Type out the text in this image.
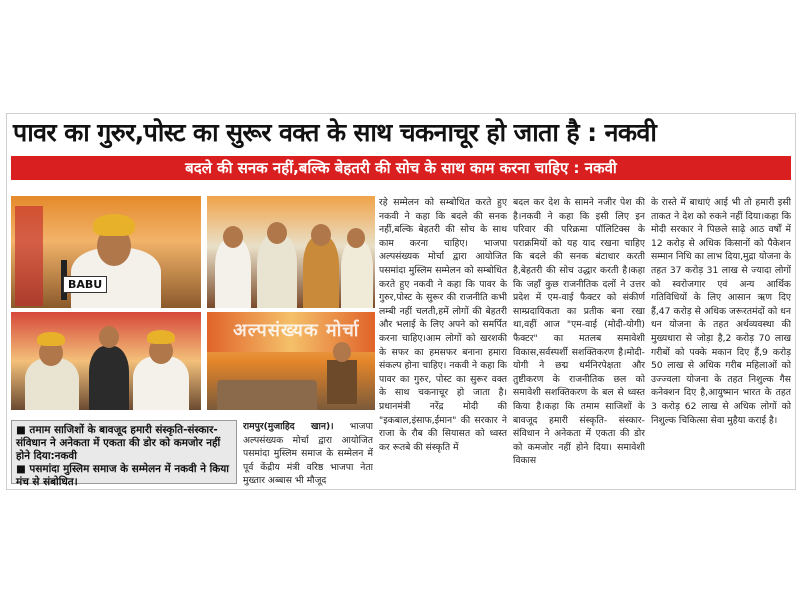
पावर का गुरुर,पोस्ट का सुरूर वक्त के साथ चकनाचूर हो जाता है : नकवी
बदले की सनक नहीं,बल्कि बेहतरी की सोच के साथ काम करना चाहिए : नकवी
BABU
अल्पसंख्यक मोर्चा
■ तमाम साजिशों के बावजूद हमारी संस्कृति-संस्कार-संविधान ने अनेकता में एकता की डोर को कमजोर नहीं होने दिया:नकवी
■ पसमांदा मुस्लिम समाज के सम्मेलन में नकवी ने किया मंच से संबोधित।
रहे सम्मेलन को सम्बोधित करते हुए नकवी ने कहा कि बदले की सनक नहीं,बल्कि बेहतरी की सोच के साथ काम करना चाहिए। भाजपा अल्पसंख्यक मोर्चा द्वारा आयोजित पसमांदा मुस्लिम सम्मेलन को सम्बोधित करते हुए नकवी ने कहा कि पावर के गुरुर,पोस्ट के सुरूर की राजनीति कभी लम्बी नहीं चलती,हमें लोगों की बेहतरी और भलाई के लिए अपने को समर्पित करना चाहिए।आम लोगों को खरशकी के सफर का हमसफर बनाना हमारा संकल्प होना चाहिए। नकवी ने कहा कि पावर का गुरुर, पोस्ट का सुरूर वक्त के साथ चकनाचूर हो जाता है।प्रधानमंत्री नरेंद्र मोदी की "इकबाल,इंसाफ,ईमान" की सरकार ने राजा के रौब की सियासत को ध्वस्त कर रूतबे की संस्कृति में
बदल कर देश के सामने नजीर पेश की है।नकवी ने कहा कि इसी लिए इन परिवार की परिक्रमा पॉलिटिक्स के पराक्रमियों को यह याद रखना चाहिए कि बदले की सनक बंटाधार करती है,बेहतरी की सोच उद्धार करती है।कहा कि जहाँ कुछ राजनीतिक दलों ने उत्तर प्रदेश में एम-वाई फैक्टर को संकीर्ण साम्प्रदायिकता का प्रतीक बना रखा था,वहीं आज "एम-वाई (मोदी-योगी) फैक्टर" का मतलब समावेशी विकास,सर्वस्पर्शी सशक्तिकरण है।मोदी-योगी ने छद्म धर्मनिरपेक्षता और तुष्टीकरण के राजनीतिक छल को समावेशी सशक्तिकरण के बल से ध्वस्त किया है।कहा कि तमाम साजिशों के बावजूद हमारी संस्कृति- संस्कार- संविधान ने अनेकता में एकता की डोर को कमजोर नहीं होने दिया। समावेशी विकास
के रास्ते में बाधाएं आई भी तो हमारी इसी ताकत ने देश को रुकने नहीं दिया।कहा कि मोदी सरकार ने पिछले साढ़े आठ वर्षों में 12 करोड़ से अधिक किसानों को पैकेशन सम्मान निधि का लाभ दिया,मुद्रा योजना के तहत 37 करोड़ 31 लाख से ज्यादा लोगों को स्वरोजगार एवं अन्य आर्थिक गतिविधियों के लिए आसान ऋण दिए हैं,47 करोड़ से अधिक जरूरतमंदों को धन धन योजना के तहत अर्थव्यवस्था की मुख्यधारा से जोड़ा है,2 करोड़ 70 लाख गरीबों को पक्के मकान दिए हैं,9 करोड़ 50 लाख से अधिक गरीब महिलाओं को उज्ज्वला योजना के तहत निशुल्क गैस कनेक्शन दिए है,आयुष्मान भारत के तहत 3 करोड़ 62 लाख से अधिक लोगों को निशुल्क चिकित्सा सेवा मुहैया कराई है।
रामपुर(मुजाहिद खान)। भाजपा अल्पसंख्यक मोर्चा द्वारा आयोजित पसमांदा मुस्लिम समाज के सम्मेलन में पूर्व केंद्रीय मंत्री वरिष्ठ भाजपा नेता मुख्तार अब्बास भी मौजूद
